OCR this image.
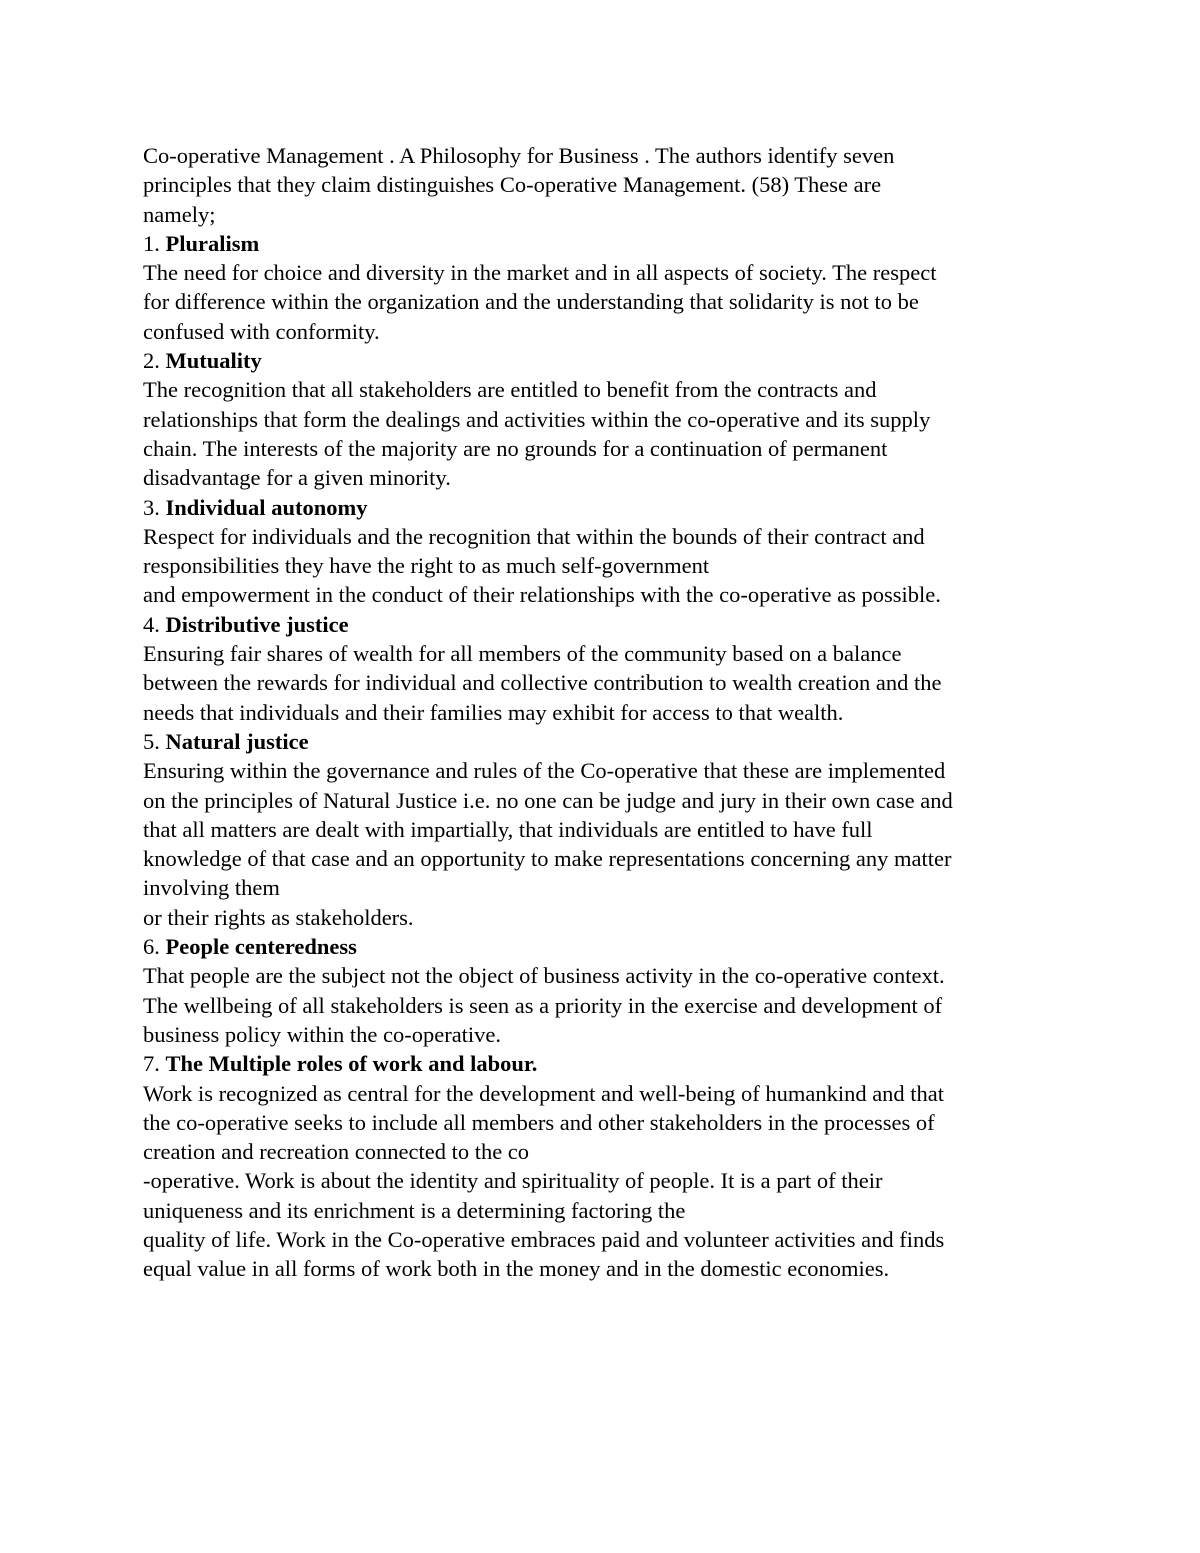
Co-operative Management . A Philosophy for Business . The authors identify seven
principles that they claim distinguishes Co-operative Management. (58) These are
namely;
1. Pluralism
The need for choice and diversity in the market and in all aspects of society. The respect
for difference within the organization and the understanding that solidarity is not to be
confused with conformity.
2. Mutuality
The recognition that all stakeholders are entitled to benefit from the contracts and
relationships that form the dealings and activities within the co-operative and its supply
chain. The interests of the majority are no grounds for a continuation of permanent
disadvantage for a given minority.
3. Individual autonomy
Respect for individuals and the recognition that within the bounds of their contract and
responsibilities they have the right to as much self-government
and empowerment in the conduct of their relationships with the co-operative as possible.
4. Distributive justice
Ensuring fair shares of wealth for all members of the community based on a balance
between the rewards for individual and collective contribution to wealth creation and the
needs that individuals and their families may exhibit for access to that wealth.
5. Natural justice
Ensuring within the governance and rules of the Co-operative that these are implemented
on the principles of Natural Justice i.e. no one can be judge and jury in their own case and
that all matters are dealt with impartially, that individuals are entitled to have full
knowledge of that case and an opportunity to make representations concerning any matter
involving them
or their rights as stakeholders.
6. People centeredness
That people are the subject not the object of business activity in the co-operative context.
The wellbeing of all stakeholders is seen as a priority in the exercise and development of
business policy within the co-operative.
7. The Multiple roles of work and labour.
Work is recognized as central for the development and well-being of humankind and that
the co-operative seeks to include all members and other stakeholders in the processes of
creation and recreation connected to the co
-operative. Work is about the identity and spirituality of people. It is a part of their
uniqueness and its enrichment is a determining factoring the
quality of life. Work in the Co-operative embraces paid and volunteer activities and finds
equal value in all forms of work both in the money and in the domestic economies.
